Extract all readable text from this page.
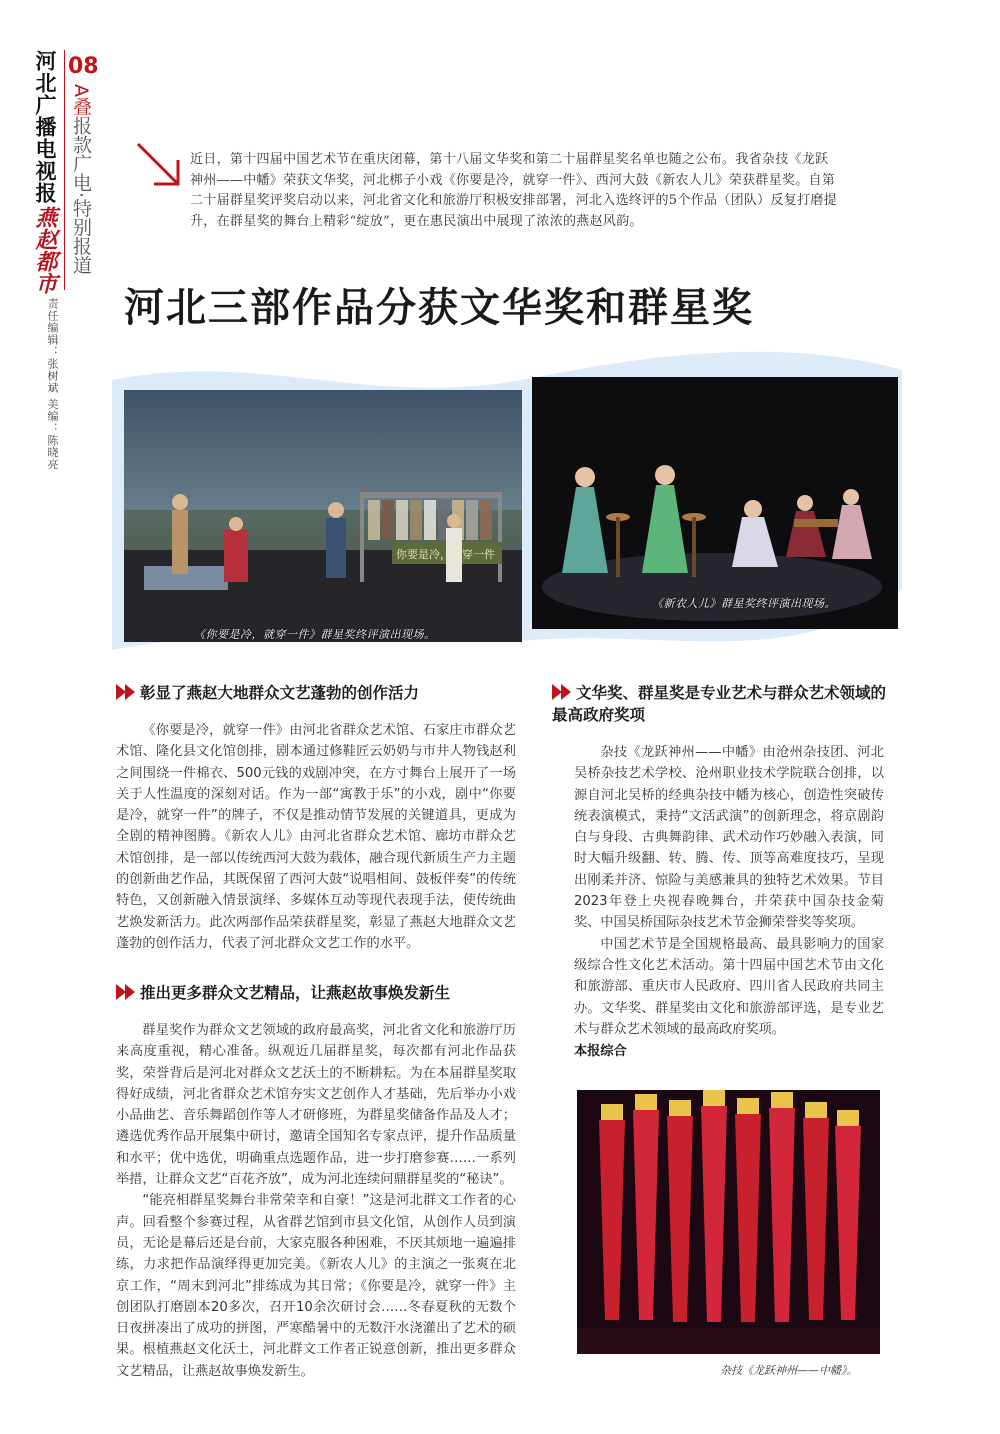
河北广播电视报
燕赵都市
08
A叠报款广电·特别报道
责任编辑：张树斌 美编：陈晓亮
近日，第十四届中国艺术节在重庆闭幕，第十八届文华奖和第二十届群星奖名单也随之公布。我省杂技《龙跃神州——中幡》荣获文华奖，河北梆子小戏《你要是冷，就穿一件》、西河大鼓《新农人儿》荣获群星奖。自第二十届群星奖评奖启动以来，河北省文化和旅游厅积极安排部署，河北入选终评的5个作品（团队）反复打磨提升，在群星奖的舞台上精彩“绽放”，更在惠民演出中展现了浓浓的燕赵风韵。
河北三部作品分获文华奖和群星奖
《你要是冷，就穿一件》群星奖终评演出现场。
你要是冷，就穿一件
《新农人儿》群星奖终评演出现场。
彰显了燕赵大地群众文艺蓬勃的创作活力

《你要是冷，就穿一件》由河北省群众艺术馆、石家庄市群众艺术馆、隆化县文化馆创排，剧本通过修鞋匠云奶奶与市井人物钱赵利之间围绕一件棉衣、500元钱的戏剧冲突，在方寸舞台上展开了一场关于人性温度的深刻对话。作为一部“寓教于乐”的小戏，剧中“你要是冷，就穿一件”的牌子，不仅是推动情节发展的关键道具，更成为全剧的精神图腾。《新农人儿》由河北省群众艺术馆、廊坊市群众艺术馆创排，是一部以传统西河大鼓为载体，融合现代新质生产力主题的创新曲艺作品，其既保留了西河大鼓“说唱相间、鼓板伴奏”的传统特色，又创新融入情景演绎、多媒体互动等现代表现手法，使传统曲艺焕发新活力。此次两部作品荣获群星奖，彰显了燕赵大地群众文艺蓬勃的创作活力，代表了河北群众文艺工作的水平。

推出更多群众文艺精品，让燕赵故事焕发新生

群星奖作为群众文艺领域的政府最高奖，河北省文化和旅游厅历来高度重视，精心准备。纵观近几届群星奖，每次都有河北作品获奖，荣誉背后是河北对群众文艺沃土的不断耕耘。为在本届群星奖取得好成绩，河北省群众艺术馆夯实文艺创作人才基础，先后举办小戏小品曲艺、音乐舞蹈创作等人才研修班，为群星奖储备作品及人才；遴选优秀作品开展集中研讨，邀请全国知名专家点评，提升作品质量和水平；优中选优，明确重点选题作品，进一步打磨参赛……一系列举措，让群众文艺“百花齐放”，成为河北连续问鼎群星奖的“秘诀”。

“能亮相群星奖舞台非常荣幸和自豪！”这是河北群文工作者的心声。回看整个参赛过程，从省群艺馆到市县文化馆，从创作人员到演员，无论是幕后还是台前，大家克服各种困难，不厌其烦地一遍遍排练，力求把作品演绎得更加完美。《新农人儿》的主演之一张爽在北京工作，“周末到河北”排练成为其日常；《你要是冷，就穿一件》主创团队打磨剧本20多次，召开10余次研讨会……冬春夏秋的无数个日夜拼凑出了成功的拼图，严寒酷暑中的无数汗水浇灌出了艺术的硕果。根植燕赵文化沃土，河北群文工作者正锐意创新，推出更多群众文艺精品，让燕赵故事焕发新生。

文华奖、群星奖是专业艺术与群众艺术领域的最高政府奖项

杂技《龙跃神州——中幡》由沧州杂技团、河北吴桥杂技艺术学校、沧州职业技术学院联合创排，以源自河北吴桥的经典杂技中幡为核心，创造性突破传统表演模式，秉持“文活武演”的创新理念，将京剧韵白与身段、古典舞韵律、武术动作巧妙融入表演，同时大幅升级翻、转、腾、传、顶等高难度技巧，呈现出刚柔并济、惊险与美感兼具的独特艺术效果。节目2023年登上央视春晚舞台，并荣获中国杂技金菊奖、中国吴桥国际杂技艺术节金狮荣誉奖等奖项。

中国艺术节是全国规格最高、最具影响力的国家级综合性文化艺术活动。第十四届中国艺术节由文化和旅游部、重庆市人民政府、四川省人民政府共同主办。文华奖、群星奖由文化和旅游部评选，是专业艺术与群众艺术领域的最高政府奖项。

本报综合
杂技《龙跃神州——中幡》。
